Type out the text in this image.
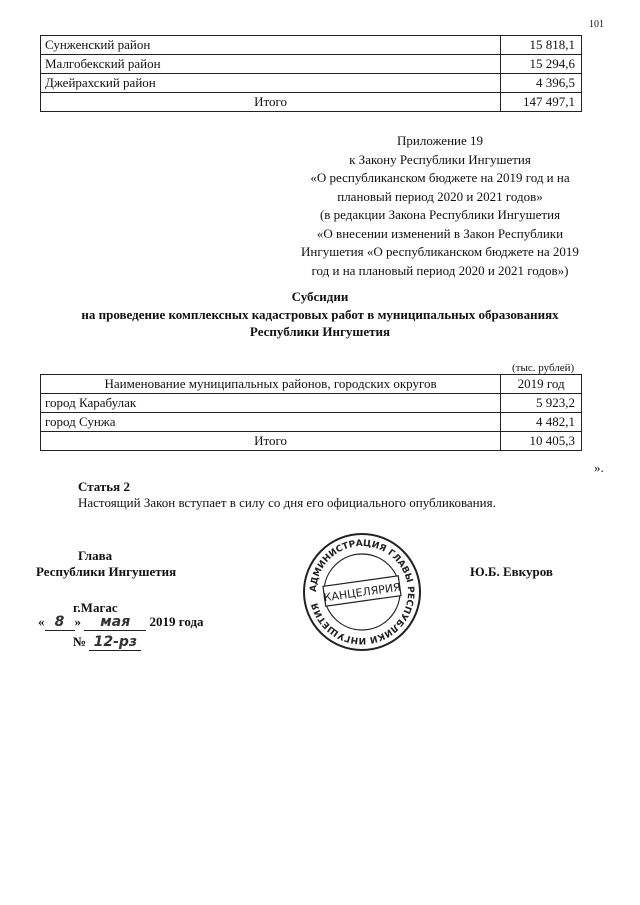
101
Сунженский район	15 818,1
Малгобекский район	15 294,6
Джейрахский район	4 396,5
Итого	147 497,1
Приложение 19
к Закону Республики Ингушетия
«О республиканском бюджете на 2019 год и на
плановый период 2020 и 2021 годов»
(в редакции Закона Республики Ингушетия
«О внесении изменений в Закон Республики
Ингушетия «О республиканском бюджете на 2019
год и на плановый период 2020 и 2021 годов»)
Субсидии
на проведение комплексных кадастровых работ в муниципальных образованиях
Республики Ингушетия
(тыс. рублей)
Наименование муниципальных районов, городских округов	2019 год
город Карабулак	5 923,2
город Сунжа	4 482,1
Итого	10 405,3
».
Статья 2
Настоящий Закон вступает в силу со дня его официального опубликования.
Глава
Республики Ингушетия	Ю.Б. Евкуров
г.Магас
« 8 » мая 2019 года
№ 12-рз
АДМИНИСТРАЦИЯ ГЛАВЫ РЕСПУБЛИКИ ИНГУШЕТИЯ
КАНЦЕЛЯРИЯ
